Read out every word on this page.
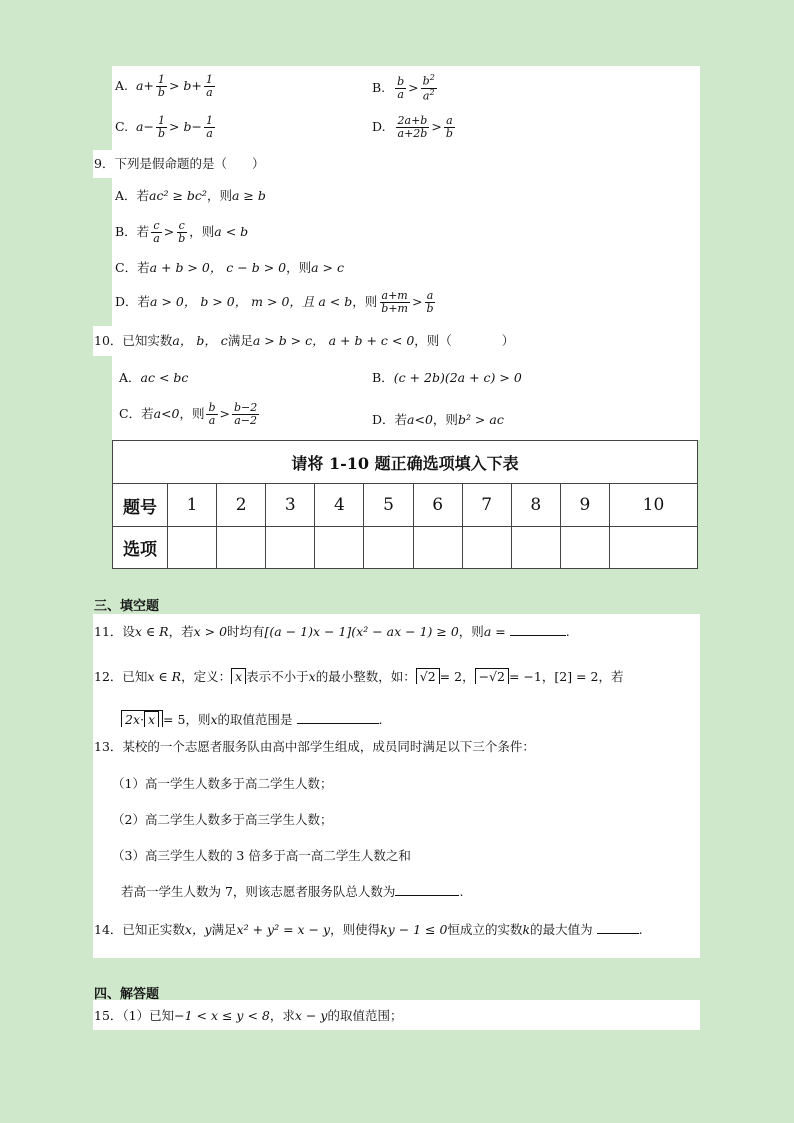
A.  $a+ \frac{1}{b} > b+ \frac{1}{a}$	B. $\frac{b}{a} > \frac{b^2}{a^2}$
C.  $a- \frac{1}{b} > b- \frac{1}{a}$	D. $\frac{2a+b}{a+2b} > \frac{a}{b}$
9．下列是假命题的是（　　）
A．若ac² ≥ bc²，则a ≥ b
B．若 $\frac{c}{a} > \frac{c}{b}$ ，则a < b
C．若a + b > 0， c − b > 0，则a > c
D．若a > 0， b > 0， m > 0，且 a < b，则 $\frac{a+m}{b+m} > \frac{a}{b}$
10．已知实数a， b， c满足a > b > c， a + b + c < 0，则（　　　　）
A．ac < bc	B．(c + 2b)(2a + c) > 0
C．若a<0，则 $\frac{b}{a} > \frac{b-2}{a-2}$	D．若a<0，则b² > ac
请将 1-10 题正确选项填入下表										
题号	1	2	3	4	5	6	7	8	9	10
选项										
三、填空题
11．设x ∈ R，若x > 0时均有[(a − 1)x − 1](x² − ax − 1) ≥ 0，则a =	.
12．已知x ∈ R，定义： x 表示不小于x的最小整数，如： √2 = 2， −√2 = −1，[2] = 2，若
2x· x = 5，则x的取值范围是	.
13．某校的一个志愿者服务队由高中部学生组成，成员同时满足以下三个条件：
（1）高一学生人数多于高二学生人数；
（2）高二学生人数多于高三学生人数；
（3）高三学生人数的 3 倍多于高一高二学生人数之和
若高一学生人数为 7，则该志愿者服务队总人数为	.
14．已知正实数x，y满足x² + y² = x − y，则使得ky − 1 ≤ 0恒成立的实数k的最大值为	.
四、解答题
15．（1）已知−1 < x ≤ y < 8，求x − y的取值范围；
